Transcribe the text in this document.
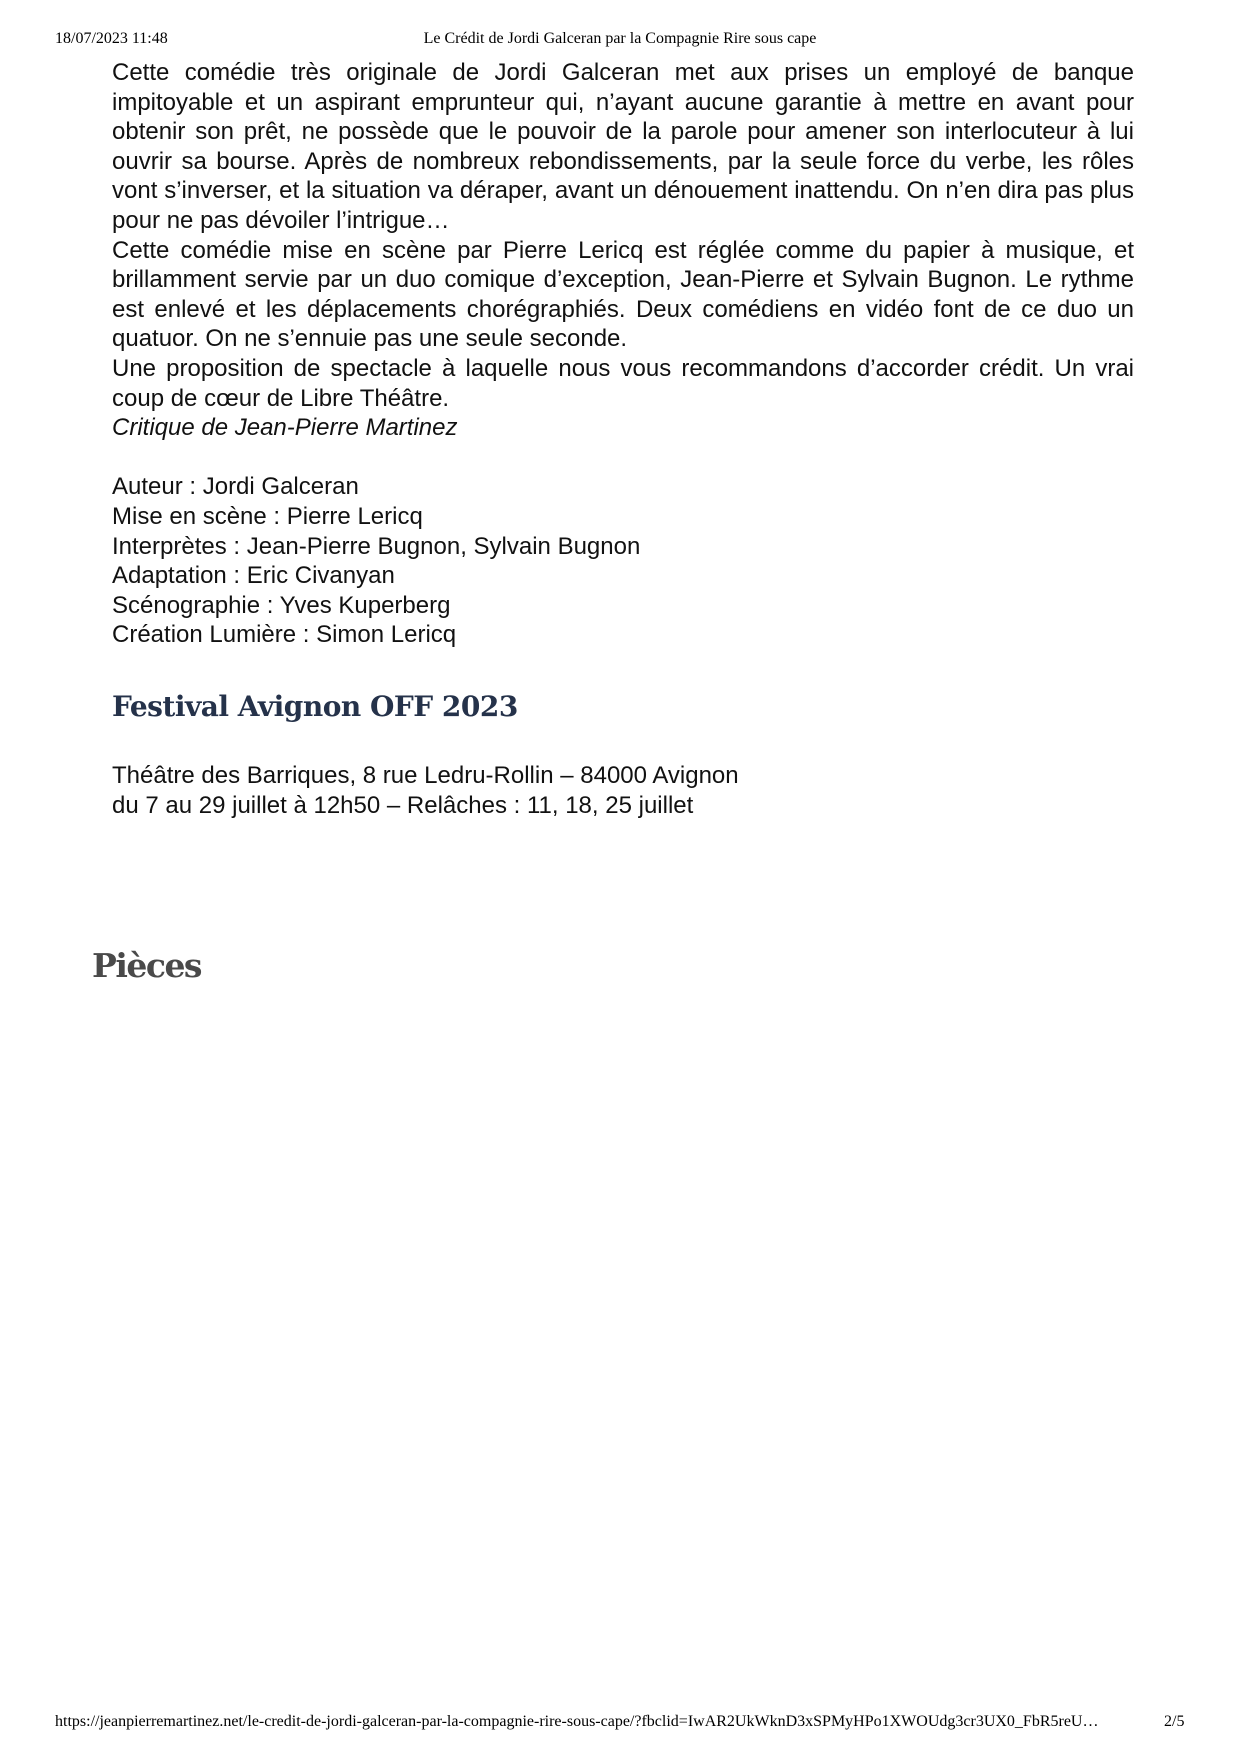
18/07/2023 11:48	Le Crédit de Jordi Galceran par la Compagnie Rire sous cape

Cette comédie très originale de Jordi Galceran met aux prises un employé de banque impitoyable et un aspirant emprunteur qui, n’ayant aucune garantie à mettre en avant pour obtenir son prêt, ne possède que le pouvoir de la parole pour amener son interlocuteur à lui ouvrir sa bourse. Après de nombreux rebondissements, par la seule force du verbe, les rôles vont s’inverser, et la situation va déraper, avant un dénouement inattendu. On n’en dira pas plus pour ne pas dévoiler l’intrigue…

Cette comédie mise en scène par Pierre Lericq est réglée comme du papier à musique, et brillamment servie par un duo comique d’exception, Jean-Pierre et Sylvain Bugnon. Le rythme est enlevé et les déplacements chorégraphiés. Deux comédiens en vidéo font de ce duo un quatuor. On ne s’ennuie pas une seule seconde.

Une proposition de spectacle à laquelle nous vous recommandons d’accorder crédit. Un vrai coup de cœur de Libre Théâtre.

Critique de Jean-Pierre Martinez

Auteur : Jordi Galceran
Mise en scène : Pierre Lericq
Interprètes : Jean-Pierre Bugnon, Sylvain Bugnon
Adaptation : Eric Civanyan
Scénographie : Yves Kuperberg
Création Lumière : Simon Lericq
Festival Avignon OFF 2023
Théâtre des Barriques, 8 rue Ledru-Rollin – 84000 Avignon
du 7 au 29 juillet à 12h50 – Relâches : 11, 18, 25 juillet
Pièces
https://jeanpierremartinez.net/le-credit-de-jordi-galceran-par-la-compagnie-rire-sous-cape/?fbclid=IwAR2UkWknD3xSPMyHPo1XWOUdg3cr3UX0_FbR5reU…	2/5
